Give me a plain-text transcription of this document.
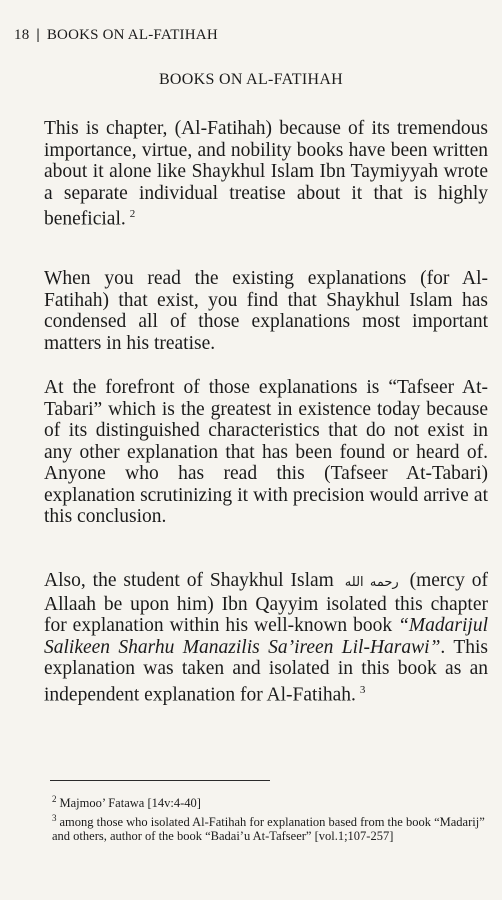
18 | BOOKS ON AL-FATIHAH
BOOKS ON AL-FATIHAH
This is chapter, (Al-Fatihah) because of its tremendous importance, virtue, and nobility books have been written about it alone like Shaykhul Islam Ibn Taymiyyah wrote a separate individual treatise about it that is highly beneficial. $^2$
When you read the existing explanations (for Al-Fatihah) that exist, you find that Shaykhul Islam has condensed all of those explanations most important matters in his treatise.
At the forefront of those explanations is “Tafseer At-Tabari” which is the greatest in existence today because of its distinguished characteristics that do not exist in any other explanation that has been found or heard of. Anyone who has read this (Tafseer At-Tabari) explanation scrutinizing it with precision would arrive at this conclusion.
Also, the student of Shaykhul Islam رحمه الله (mercy of Allaah be upon him) Ibn Qayyim isolated this chapter for explanation within his well-known book “Madarijul Salikeen Sharhu Manazilis Sa’ireen Lil-Harawi”. This explanation was taken and isolated in this book as an independent explanation for Al-Fatihah. $^3$

$^2$ Majmoo’ Fatawa [14v:4-40]

$^3$ among those who isolated Al-Fatihah for explanation based from the book “Madarij” and others, author of the book “Badai’u At-Tafseer” [vol.1;107-257]
